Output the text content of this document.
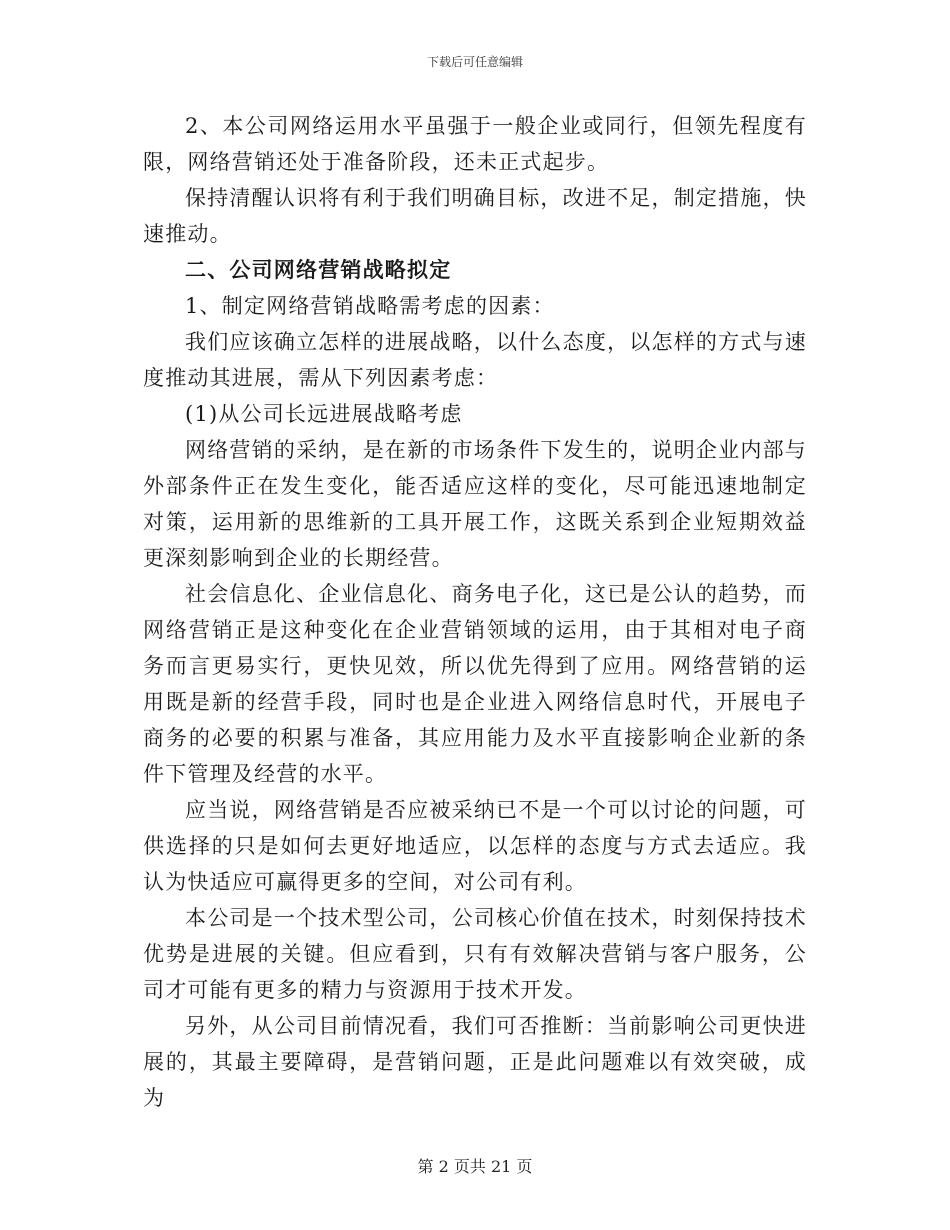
下载后可任意编辑

2、本公司网络运用水平虽强于一般企业或同行，但领先程度有限，网络营销还处于准备阶段，还未正式起步。

保持清醒认识将有利于我们明确目标，改进不足，制定措施，快速推动。

二、公司网络营销战略拟定

1、制定网络营销战略需考虑的因素：

我们应该确立怎样的进展战略，以什么态度，以怎样的方式与速度推动其进展，需从下列因素考虑：

(1)从公司长远进展战略考虑

网络营销的采纳，是在新的市场条件下发生的，说明企业内部与外部条件正在发生变化，能否适应这样的变化，尽可能迅速地制定对策，运用新的思维新的工具开展工作，这既关系到企业短期效益更深刻影响到企业的长期经营。

社会信息化、企业信息化、商务电子化，这已是公认的趋势，而网络营销正是这种变化在企业营销领域的运用，由于其相对电子商务而言更易实行，更快见效，所以优先得到了应用。网络营销的运用既是新的经营手段，同时也是企业进入网络信息时代，开展电子商务的必要的积累与准备，其应用能力及水平直接影响企业新的条件下管理及经营的水平。

应当说，网络营销是否应被采纳已不是一个可以讨论的问题，可供选择的只是如何去更好地适应，以怎样的态度与方式去适应。我认为快适应可赢得更多的空间，对公司有利。

本公司是一个技术型公司，公司核心价值在技术，时刻保持技术优势是进展的关键。但应看到，只有有效解决营销与客户服务，公司才可能有更多的精力与资源用于技术开发。

另外，从公司目前情况看，我们可否推断：当前影响公司更快进展的，其最主要障碍，是营销问题，正是此问题难以有效突破，成为

第 2 页共 21 页
